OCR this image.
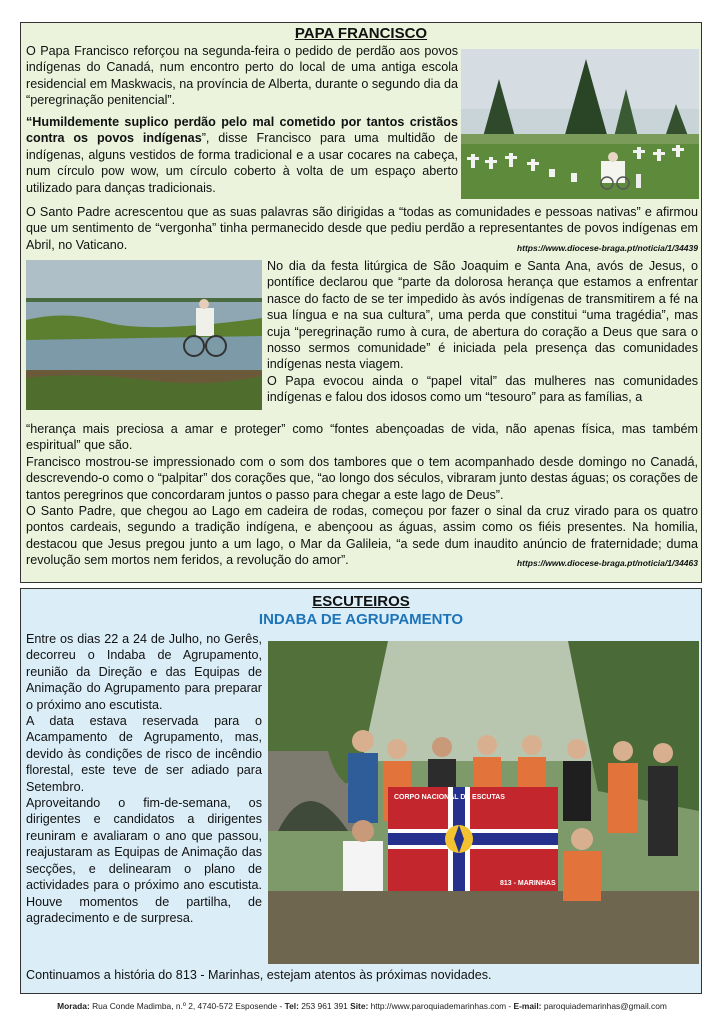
PAPA FRANCISCO

O Papa Francisco reforçou na segunda-feira o pedido de perdão aos povos indígenas do Canadá, num encontro perto do local de uma antiga escola residencial em Maskwacis, na província de Alberta, durante o segundo dia da “peregrinação penitencial”.

“Humildemente suplico perdão pelo mal cometido por tantos cristãos contra os povos indígenas”, disse Francisco para uma multidão de indígenas, alguns vestidos de forma tradicional e a usar cocares na cabeça, num círculo pow wow, um círculo coberto à volta de um espaço aberto utilizado para danças tradicionais.

O Santo Padre acrescentou que as suas palavras são dirigidas a “todas as comunidades e pessoas nativas” e afirmou que um sentimento de “vergonha” tinha permanecido desde que pediu perdão a representantes de povos indígenas em Abril, no Vaticano.	https://www.diocese-braga.pt/noticia/1/34439

No dia da festa litúrgica de São Joaquim e Santa Ana, avós de Jesus, o pontífice declarou que “parte da dolorosa herança que estamos a enfrentar nasce do facto de se ter impedido às avós indígenas de transmitirem a fé na sua língua e na sua cultura”, uma perda que constitui “uma tragédia”, mas cuja “peregrinação rumo à cura, de abertura do coração a Deus que sara o nosso sermos comunidade” é iniciada pela presença das comunidades indígenas nesta viagem.

O Papa evocou ainda o “papel vital” das mulheres nas comunidades indígenas e falou dos idosos como um “tesouro” para as famílias, a

“herança mais preciosa a amar e proteger” como “fontes abençoadas de vida, não apenas física, mas também espiritual” que são.

Francisco mostrou-se impressionado com o som dos tambores que o tem acompanhado desde domingo no Canadá, descrevendo-o como o “palpitar” dos corações que, “ao longo dos séculos, vibraram junto destas águas; os corações de tantos peregrinos que concordaram juntos o passo para chegar a este lago de Deus”.

O Santo Padre, que chegou ao Lago em cadeira de rodas, começou por fazer o sinal da cruz virado para os quatro pontos cardeais, segundo a tradição indígena, e abençoou as águas, assim como os fiéis presentes. Na homilia, destacou que Jesus pregou junto a um lago, o Mar da Galileia, “a sede dum inaudito anúncio de fraternidade; duma revolução sem mortos nem feridos, a revolução do amor”.	https://www.diocese-braga.pt/noticia/1/34463

ESCUTEIROS
INDABA DE AGRUPAMENTO

Entre os dias 22 a 24 de Julho, no Gerês, decorreu o Indaba de Agrupamento, reunião da Direção e das Equipas de Animação do Agrupamento para preparar o próximo ano escutista.

A data estava reservada para o Acampamento de Agrupamento, mas, devido às condições de risco de incêndio florestal, este teve de ser adiado para Setembro.

Aproveitando o fim-de-semana, os dirigentes e candidatos a dirigentes reuniram e avaliaram o ano que passou, reajustaram as Equipas de Animação das secções, e delinearam o plano de actividades para o próximo ano escutista. Houve momentos de partilha, de agradecimento e de surpresa.

Continuamos a história do 813 - Marinhas, estejam atentos às próximas novidades.

CORPO NACIONAL DE ESCUTAS
813 - MARINHAS
Morada: Rua Conde Madimba, n.º 2, 4740-572 Esposende - Tel: 253 961 391 Site: http://www.paroquiademarinhas.com - E-mail: paroquiademarinhas@gmail.com
